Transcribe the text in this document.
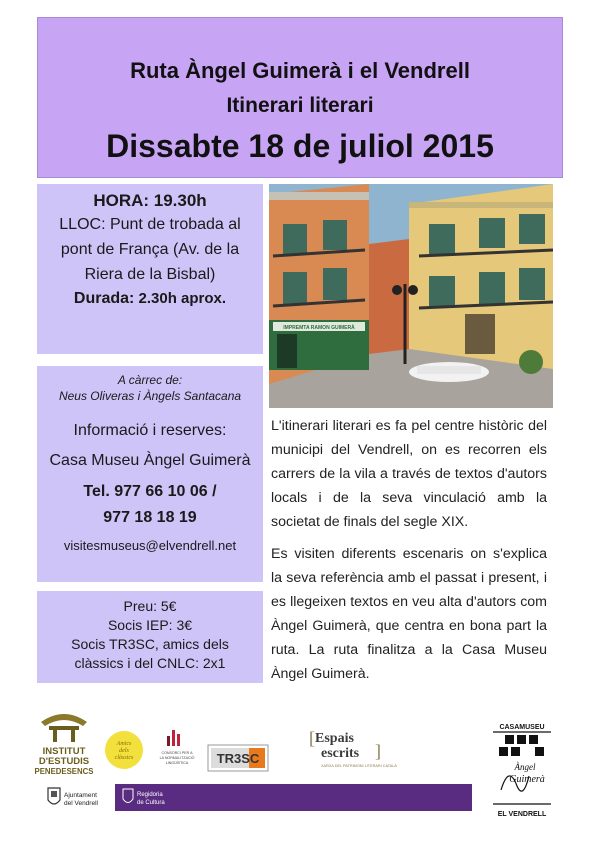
Ruta Àngel Guimerà i el Vendrell
Itinerari literari
Dissabte 18 de juliol 2015
HORA: 19.30h
LLOC: Punt de trobada al
pont de França (Av. de la
Riera de la Bisbal)
Durada: 2.30h aprox.
A càrrec de:
Neus Oliveras i Àngels Santacana
Informació i reserves:
Casa Museu Àngel Guimerà
Tel. 977 66 10 06 /
977 18 18 19
visitesmuseus@elvendrell.net
Preu: 5€
Socis IEP: 3€
Socis TR3SC, amics dels
clàssics i del CNLC: 2x1
IMPREMTA RAMON GUIMERÀ

L'itinerari literari es fa pel centre històric del municipi del Vendrell, on es recorren els carrers de la vila a través de textos d'autors locals i de la seva vinculació amb la societat de finals del segle XIX.

Es visiten diferents escenaris on s'explica la seva referència amb el passat i present, i es llegeixen textos en veu alta d'autors com Àngel Guimerà, que centra en bona part la ruta. La ruta finalitza a la Casa Museu Àngel Guimerà.

INSTITUT
D'ESTUDIS
PENEDESENCS
Amics
dels
clàssics
CONSORCI PER A
LA NORMALITZACIÓ
LINGÜÍSTICA TR3SC
[ Espais
escrits ]
XARXA DEL PATRIMONI LITERARI CATALÀ
CASAMUSEU
Àngel
Guimerà
EL VENDRELL
Ajuntament
del Vendrell
Regidoria
de Cultura
